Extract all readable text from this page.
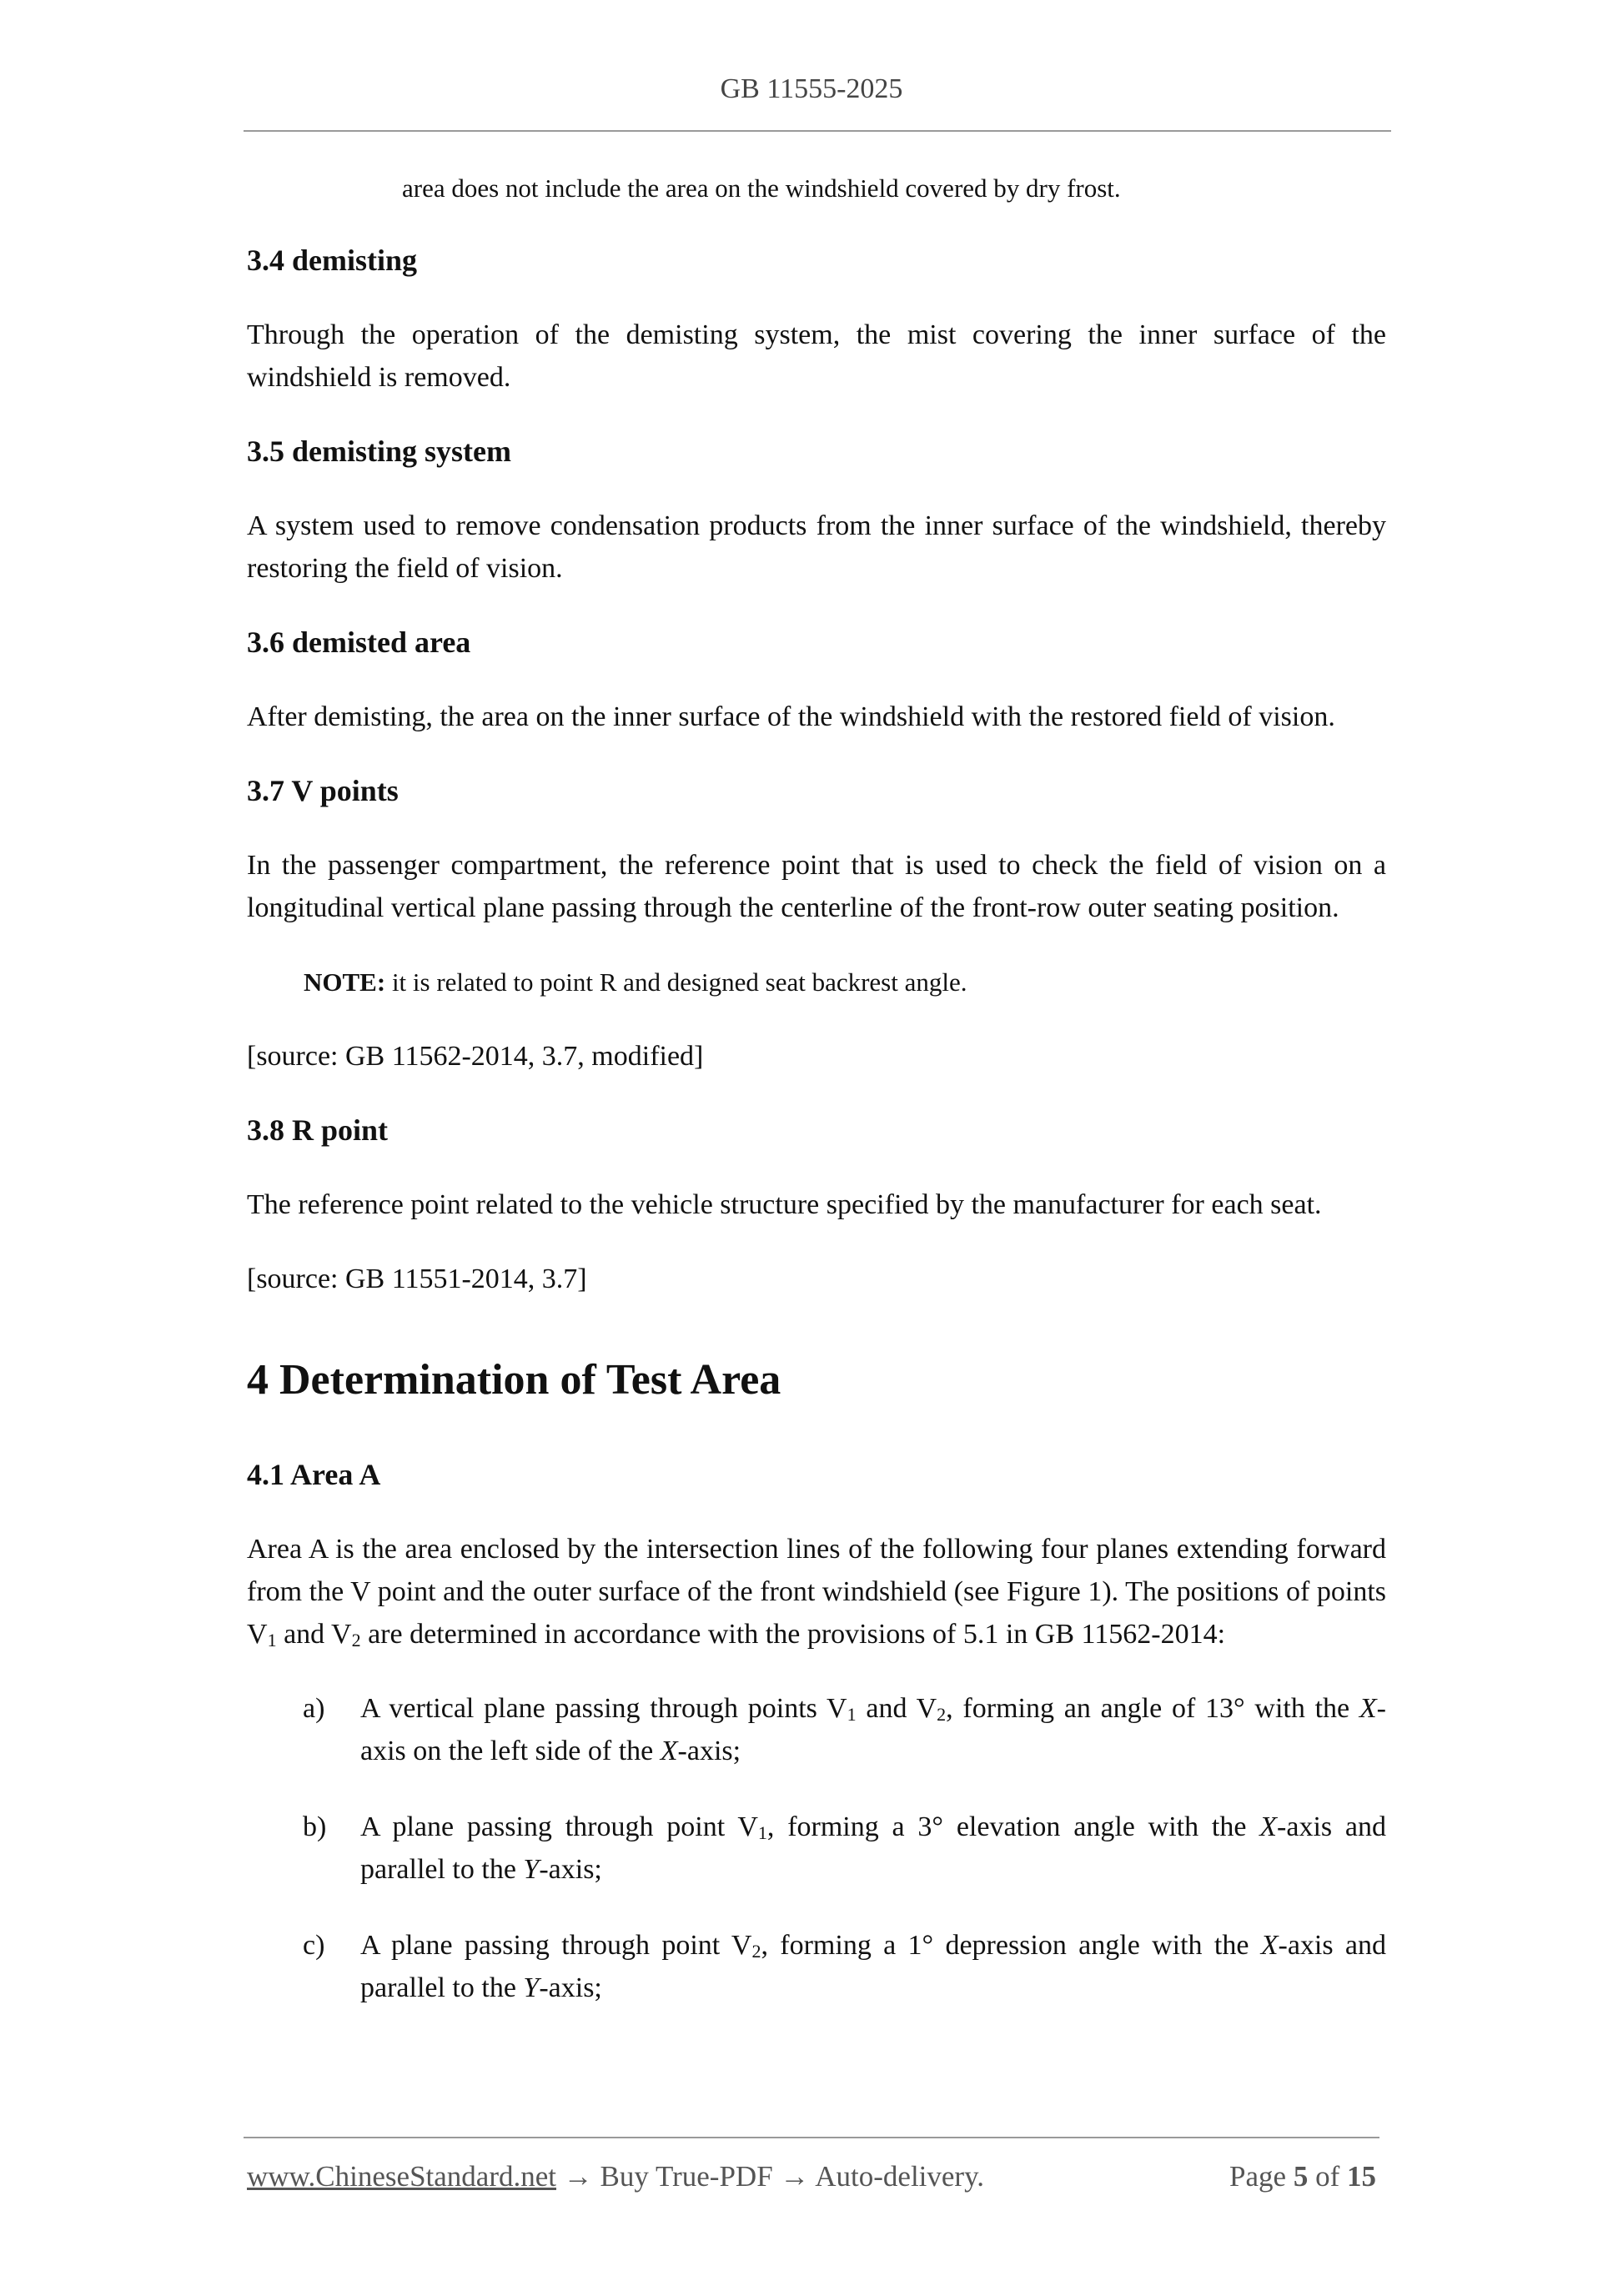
GB 11555-2025

area does not include the area on the windshield covered by dry frost.

3.4 demisting

Through the operation of the demisting system, the mist covering the inner surface of the windshield is removed.

3.5 demisting system

A system used to remove condensation products from the inner surface of the windshield, thereby restoring the field of vision.

3.6 demisted area

After demisting, the area on the inner surface of the windshield with the restored field of vision.

3.7 V points

In the passenger compartment, the reference point that is used to check the field of vision on a longitudinal vertical plane passing through the centerline of the front-row outer seating position.

NOTE: it is related to point R and designed seat backrest angle.

[source: GB 11562-2014, 3.7, modified]

3.8 R point

The reference point related to the vehicle structure specified by the manufacturer for each seat.

[source: GB 11551-2014, 3.7]

4 Determination of Test Area
4.1 Area A

Area A is the area enclosed by the intersection lines of the following four planes extending forward from the V point and the outer surface of the front windshield (see Figure 1). The positions of points $V_1$ and $V_2$ are determined in accordance with the provisions of 5.1 in GB 11562-2014:

a)	A vertical plane passing through points $V_1$ and $V_2$, forming an angle of 13° with the X-axis on the left side of the X-axis;
b)	A plane passing through point $V_1$, forming a 3° elevation angle with the X-axis and parallel to the Y-axis;
c)	A plane passing through point $V_2$, forming a 1° depression angle with the X-axis and parallel to the Y-axis;
www.ChineseStandard.net → Buy True-PDF → Auto-delivery.	Page 5 of 15
